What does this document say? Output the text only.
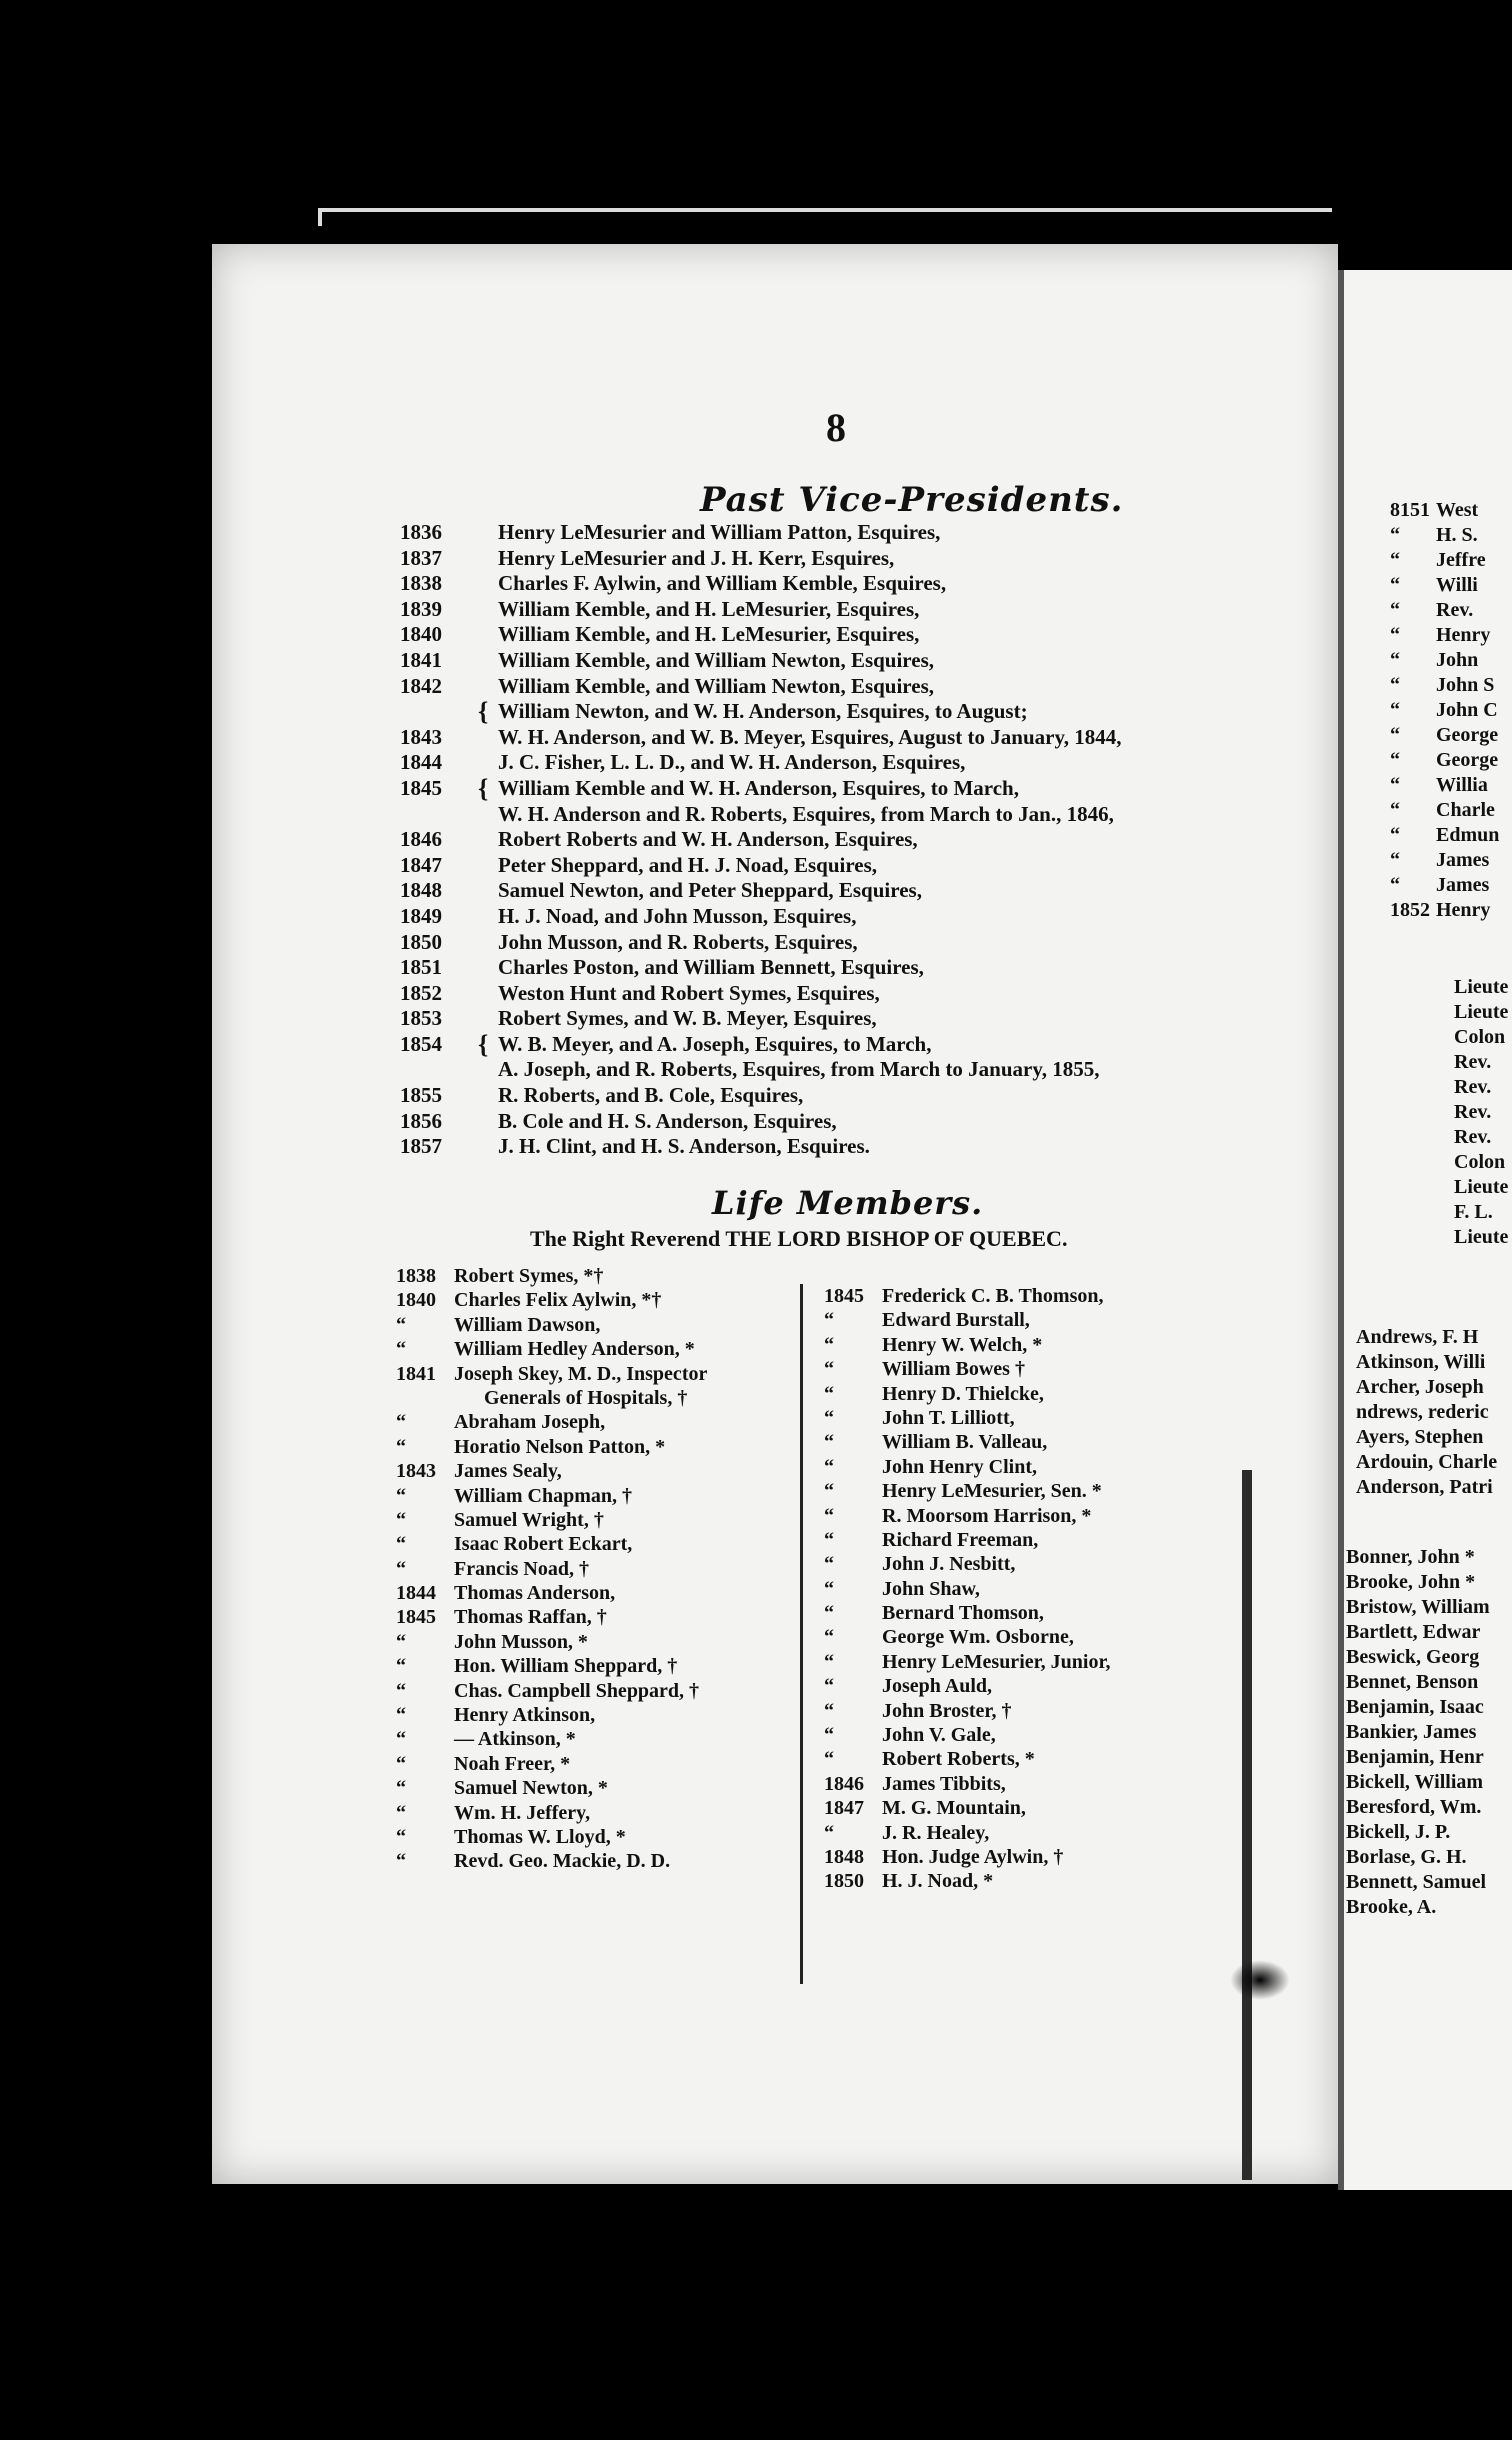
8
Past Vice-Presidents.
1836	Henry LeMesurier and William Patton, Esquires,
1837	Henry LeMesurier and J. H. Kerr, Esquires,
1838	Charles F. Aylwin, and William Kemble, Esquires,
1839	William Kemble, and H. LeMesurier, Esquires,
1840	William Kemble, and H. LeMesurier, Esquires,
1841	William Kemble, and William Newton, Esquires,
1842	William Kemble, and William Newton, Esquires,
{ William Newton, and W. H. Anderson, Esquires, to August;
1843	W. H. Anderson, and W. B. Meyer, Esquires, August to January, 1844,
1844	J. C. Fisher, L. L. D., and W. H. Anderson, Esquires,
1845	{ William Kemble and W. H. Anderson, Esquires, to March,
W. H. Anderson and R. Roberts, Esquires, from March to Jan., 1846,
1846	Robert Roberts and W. H. Anderson, Esquires,
1847	Peter Sheppard, and H. J. Noad, Esquires,
1848	Samuel Newton, and Peter Sheppard, Esquires,
1849	H. J. Noad, and John Musson, Esquires,
1850	John Musson, and R. Roberts, Esquires,
1851	Charles Poston, and William Bennett, Esquires,
1852	Weston Hunt and Robert Symes, Esquires,
1853	Robert Symes, and W. B. Meyer, Esquires,
1854	{ W. B. Meyer, and A. Joseph, Esquires, to March,
A. Joseph, and R. Roberts, Esquires, from March to January, 1855,
1855	R. Roberts, and B. Cole, Esquires,
1856	B. Cole and H. S. Anderson, Esquires,
1857	J. H. Clint, and H. S. Anderson, Esquires.
Life Members.
The Right Reverend THE LORD BISHOP OF QUEBEC.
1838 Robert Symes, *†
1840 Charles Felix Aylwin, *†
“	William Dawson,
“	William Hedley Anderson, *
1841 Joseph Skey, M. D., Inspector
Generals of Hospitals, †
“	Abraham Joseph,
“	Horatio Nelson Patton, *
1843 James Sealy,
“	William Chapman, †
“	Samuel Wright, †
“	Isaac Robert Eckart,
“	Francis Noad, †
1844 Thomas Anderson,
1845 Thomas Raffan, †
“	John Musson, *
“	Hon. William Sheppard, †
“	Chas. Campbell Sheppard, †
“	Henry Atkinson,
“	— Atkinson, *
“	Noah Freer, *
“	Samuel Newton, *
“	Wm. H. Jeffery,
“	Thomas W. Lloyd, *
“	Revd. Geo. Mackie, D. D.
1845 Frederick C. B. Thomson,
“	Edward Burstall,
“	Henry W. Welch, *
“	William Bowes †
“	Henry D. Thielcke,
“	John T. Lilliott,
“	William B. Valleau,
“	John Henry Clint,
“	Henry LeMesurier, Sen. *
“	R. Moorsom Harrison, *
“	Richard Freeman,
“	John J. Nesbitt,
“	John Shaw,
“	Bernard Thomson,
“	George Wm. Osborne,
“	Henry LeMesurier, Junior,
“	Joseph Auld,
“	John Broster, †
“	John V. Gale,
“	Robert Roberts, *
1846 James Tibbits,
1847 M. G. Mountain,
“	J. R. Healey,
1848 Hon. Judge Aylwin, †
1850 H. J. Noad, *
8151 West
“	H. S.
“	Jeffre
“	Willi
“	Rev.
“	Henry
“	John
“	John S
“	John C
“	George
“	George
“	Willia
“	Charle
“	Edmun
“	James
“	James
1852 Henry
Lieute
Lieute
Colon
Rev.
Rev.
Rev.
Rev.
Colon
Lieute
F. L.
Lieute
Andrews, F. H
Atkinson, Willi
Archer, Joseph
ndrews, rederic
Ayers, Stephen
Ardouin, Charle
Anderson, Patri
Bonner, John *
Brooke, John *
Bristow, William
Bartlett, Edwar
Beswick, Georg
Bennet, Benson
Benjamin, Isaac
Bankier, James
Benjamin, Henr
Bickell, William
Beresford, Wm.
Bickell, J. P.
Borlase, G. H.
Bennett, Samuel
Brooke, A.
